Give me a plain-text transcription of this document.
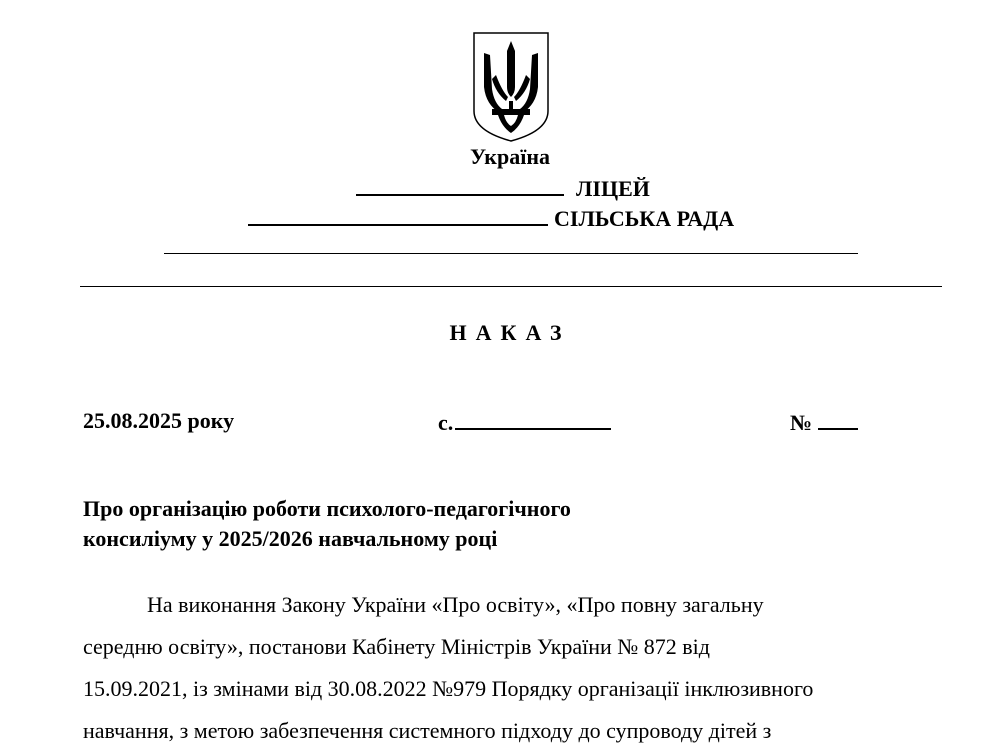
Україна
ЛІЦЕЙ
СІЛЬСЬКА РАДА
НАКАЗ
25.08.2025 року	с.	№
Про організацію роботи психолого-педагогічного
консиліуму у 2025/2026 навчальному році
На виконання Закону України «Про освіту», «Про повну загальну
середню освіту», постанови Кабінету Міністрів України № 872 від
15.09.2021, із змінами від 30.08.2022 №979 Порядку організації інклюзивного
навчання, з метою забезпечення системного підходу до супроводу дітей з
